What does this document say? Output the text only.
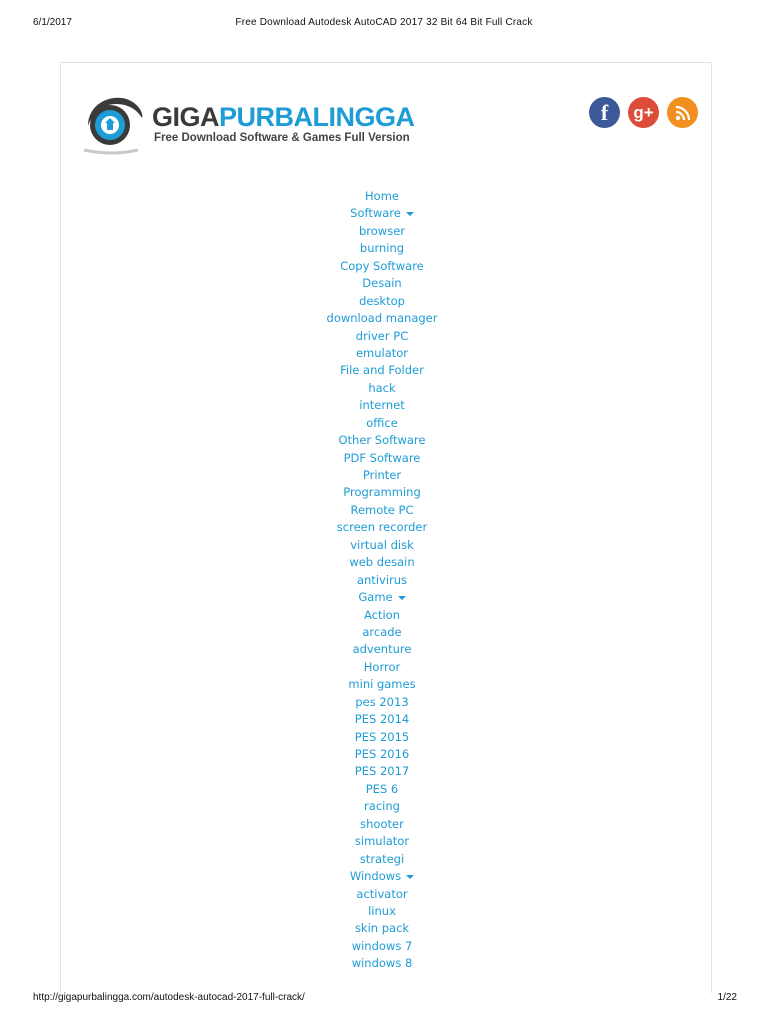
6/1/2017	Free Download Autodesk AutoCAD 2017 32 Bit 64 Bit Full Crack
GIGAPURBALINGGA
Free Download Software & Games Full Version
f	g+
Home
Software
browser
burning
Copy Software
Desain
desktop
download manager
driver PC
emulator
File and Folder
hack
internet
office
Other Software
PDF Software
Printer
Programming
Remote PC
screen recorder
virtual disk
web desain
antivirus
Game
Action
arcade
adventure
Horror
mini games
pes 2013
PES 2014
PES 2015
PES 2016
PES 2017
PES 6
racing
shooter
simulator
strategi
Windows
activator
linux
skin pack
windows 7
windows 8
http://gigapurbalingga.com/autodesk-autocad-2017-full-crack/	1/22
